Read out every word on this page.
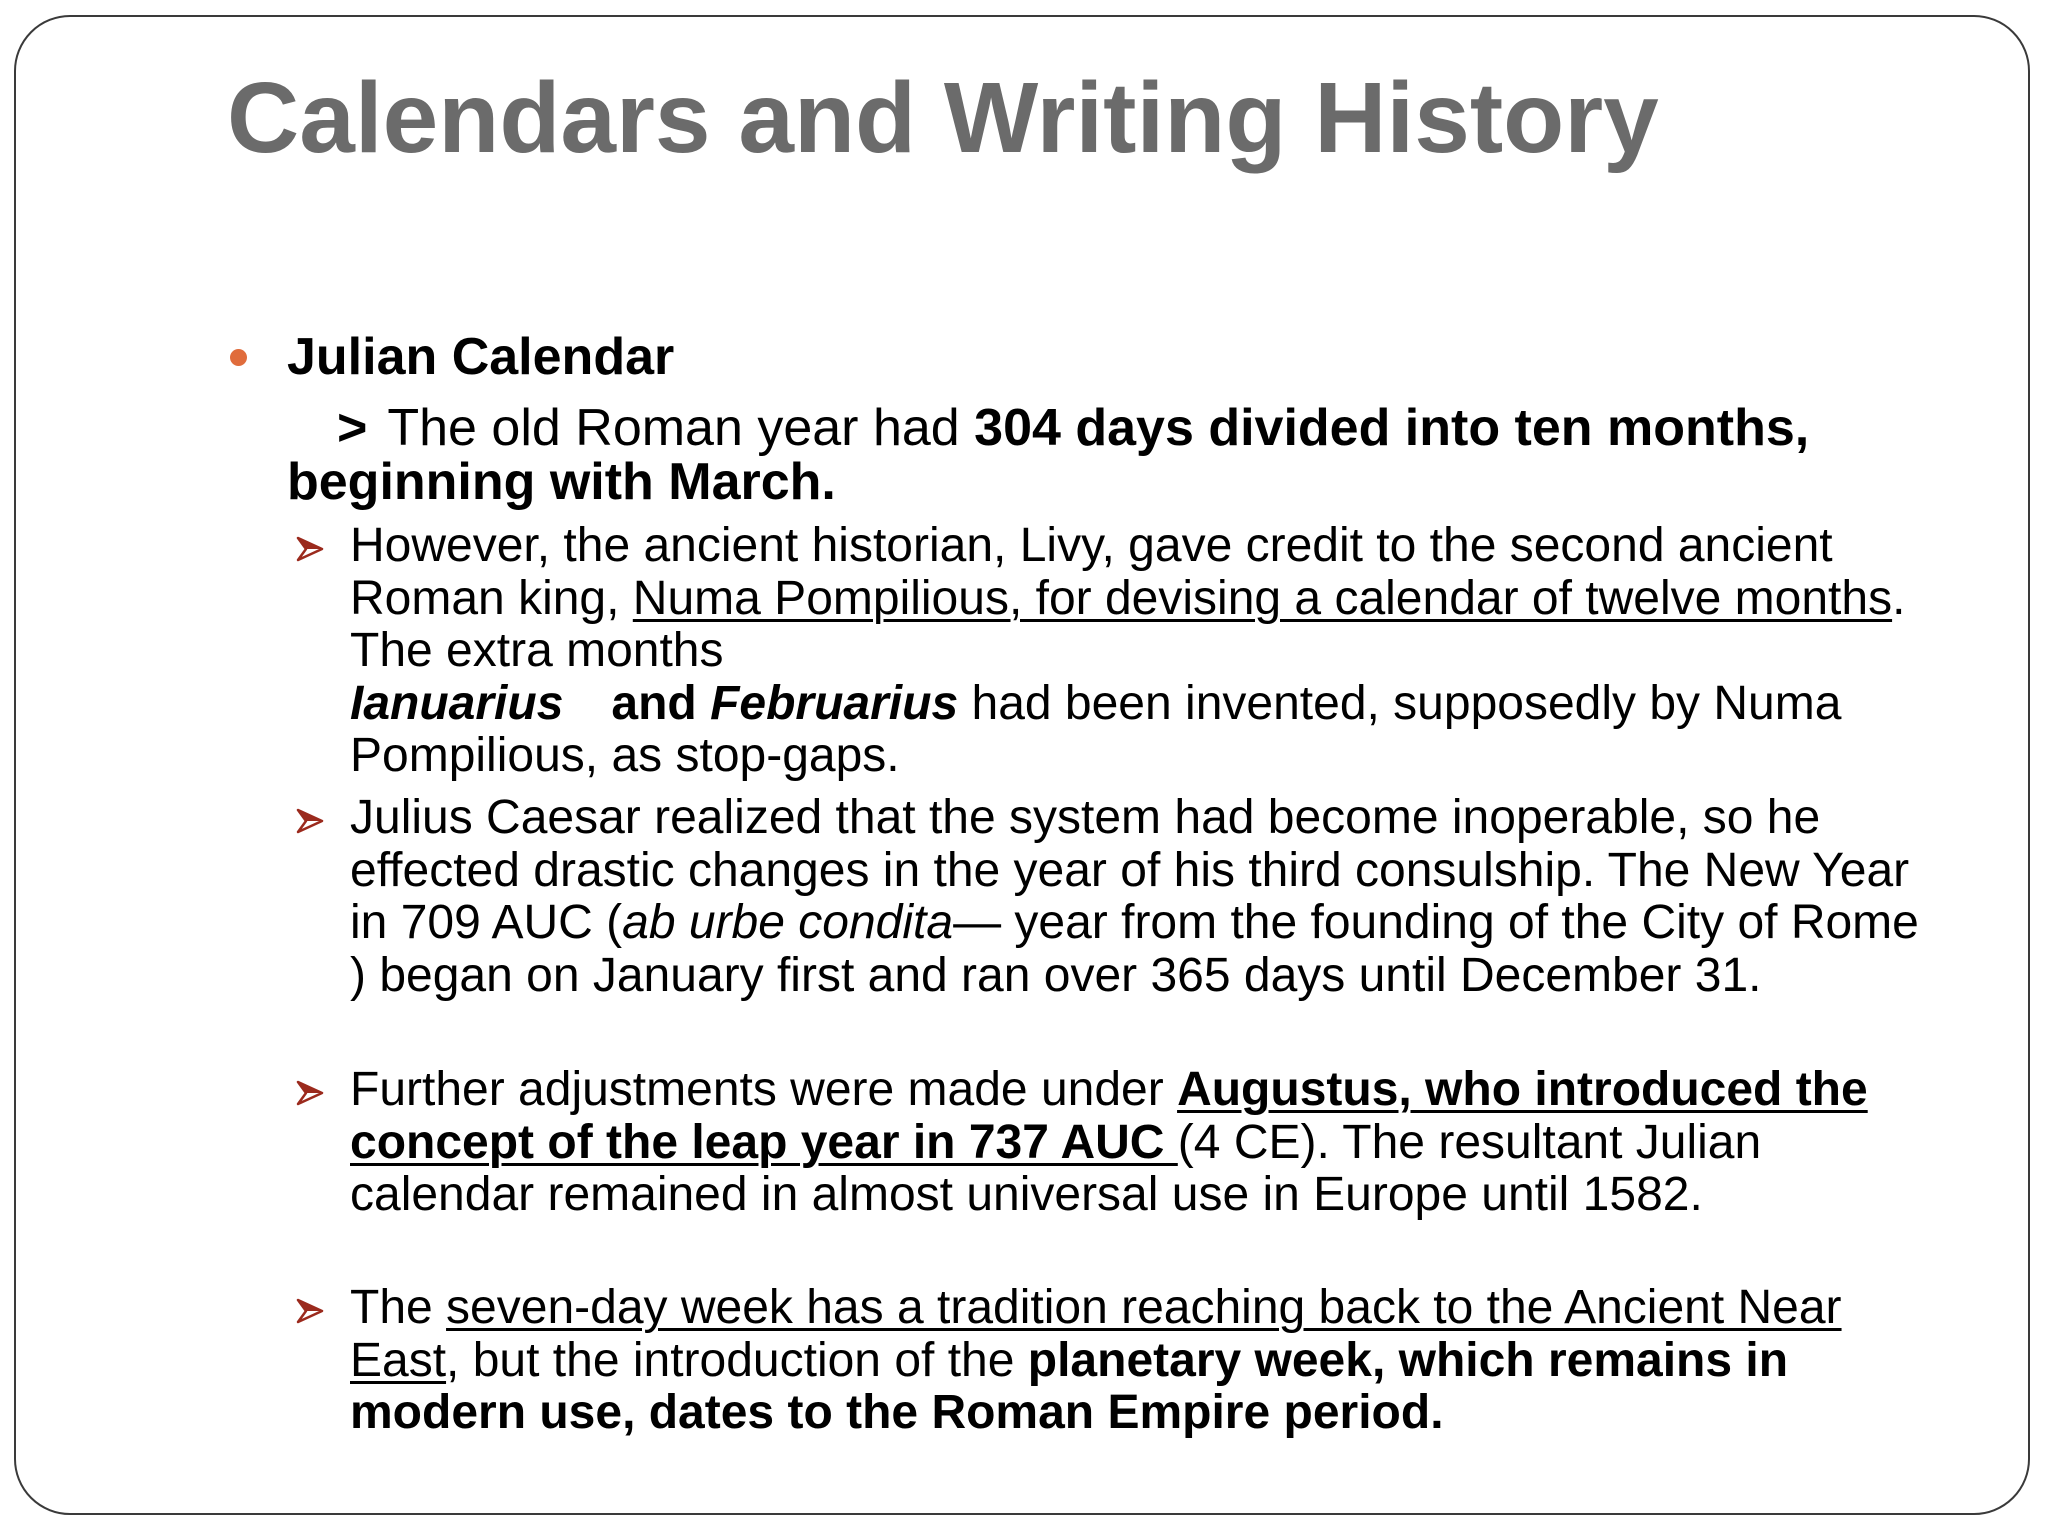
Calendars and Writing History
Julian Calendar
> The old Roman year had 304 days divided into ten months, beginning with March.
However, the ancient historian, Livy, gave credit to the second ancient Roman king, Numa Pompilious, for devising a calendar of twelve months. The extra months
Ianuarius and Februarius had been invented, supposedly by Numa Pompilious, as stop-gaps.
Julius Caesar realized that the system had become inoperable, so he effected drastic changes in the year of his third consulship. The New Year in 709 AUC (ab urbe condita— year from the founding of the City of Rome ) began on January first and ran over 365 days until December 31.
Further adjustments were made under Augustus, who introduced the concept of the leap year in 737 AUC (4 CE). The resultant Julian calendar remained in almost universal use in Europe until 1582.
The seven-day week has a tradition reaching back to the Ancient Near East, but the introduction of the planetary week, which remains in modern use, dates to the Roman Empire period.
